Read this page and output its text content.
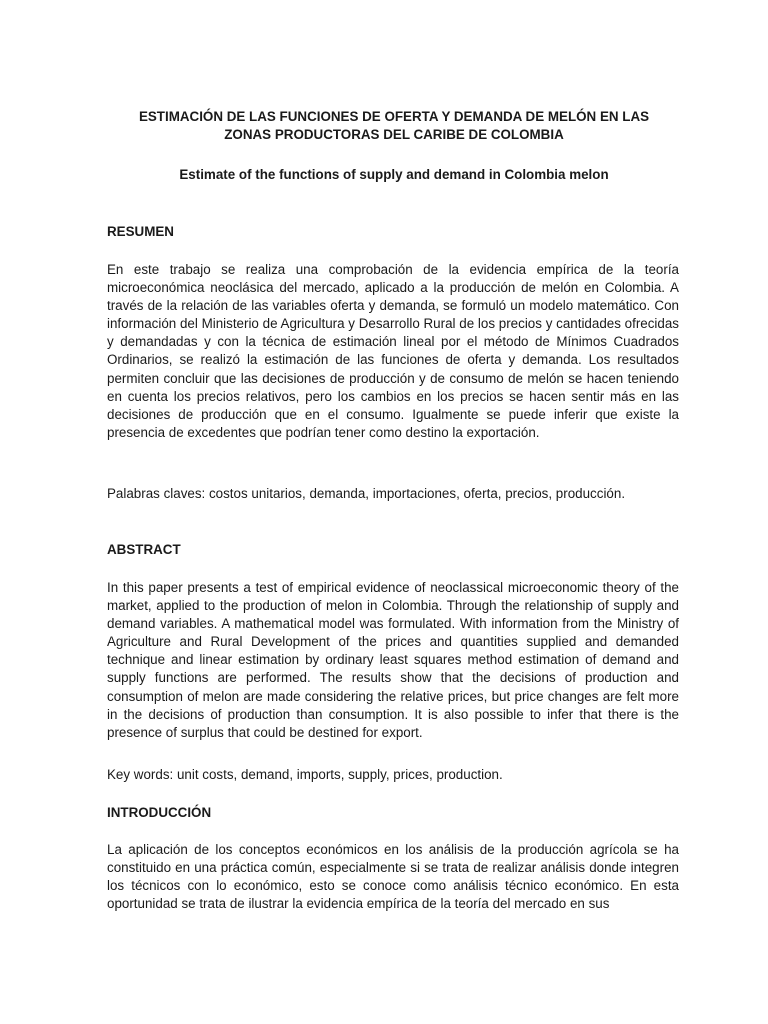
ESTIMACIÓN DE LAS FUNCIONES DE OFERTA Y DEMANDA DE MELÓN EN LAS ZONAS PRODUCTORAS DEL CARIBE DE COLOMBIA

Estimate of the functions of supply and demand in Colombia melon

RESUMEN

En este trabajo se realiza una comprobación de la evidencia empírica de la teoría microeconómica neoclásica del mercado, aplicado a la producción de melón en Colombia. A través de la relación de las variables oferta y demanda, se formuló un modelo matemático. Con información del Ministerio de Agricultura y Desarrollo Rural de los precios y cantidades ofrecidas y demandadas y con la técnica de estimación lineal por el método de Mínimos Cuadrados Ordinarios, se realizó la estimación de las funciones de oferta y demanda. Los resultados permiten concluir que las decisiones de producción y de consumo de melón se hacen teniendo en cuenta los precios relativos, pero los cambios en los precios se hacen sentir más en las decisiones de producción que en el consumo. Igualmente se puede inferir que existe la presencia de excedentes que podrían tener como destino la exportación.

Palabras claves: costos unitarios, demanda, importaciones, oferta, precios, producción.

ABSTRACT

In this paper presents a test of empirical evidence of neoclassical microeconomic theory of the market, applied to the production of melon in Colombia. Through the relationship of supply and demand variables. A mathematical model was formulated. With information from the Ministry of Agriculture and Rural Development of the prices and quantities supplied and demanded technique and linear estimation by ordinary least squares method estimation of demand and supply functions are performed. The results show that the decisions of production and consumption of melon are made considering the relative prices, but price changes are felt more in the decisions of production than consumption. It is also possible to infer that there is the presence of surplus that could be destined for export.

Key words: unit costs, demand, imports, supply, prices, production.

INTRODUCCIÓN

La aplicación de los conceptos económicos en los análisis de la producción agrícola se ha constituido en una práctica común, especialmente si se trata de realizar análisis donde integren los técnicos con lo económico, esto se conoce como análisis técnico económico. En esta oportunidad se trata de ilustrar la evidencia empírica de la teoría del mercado en sus
